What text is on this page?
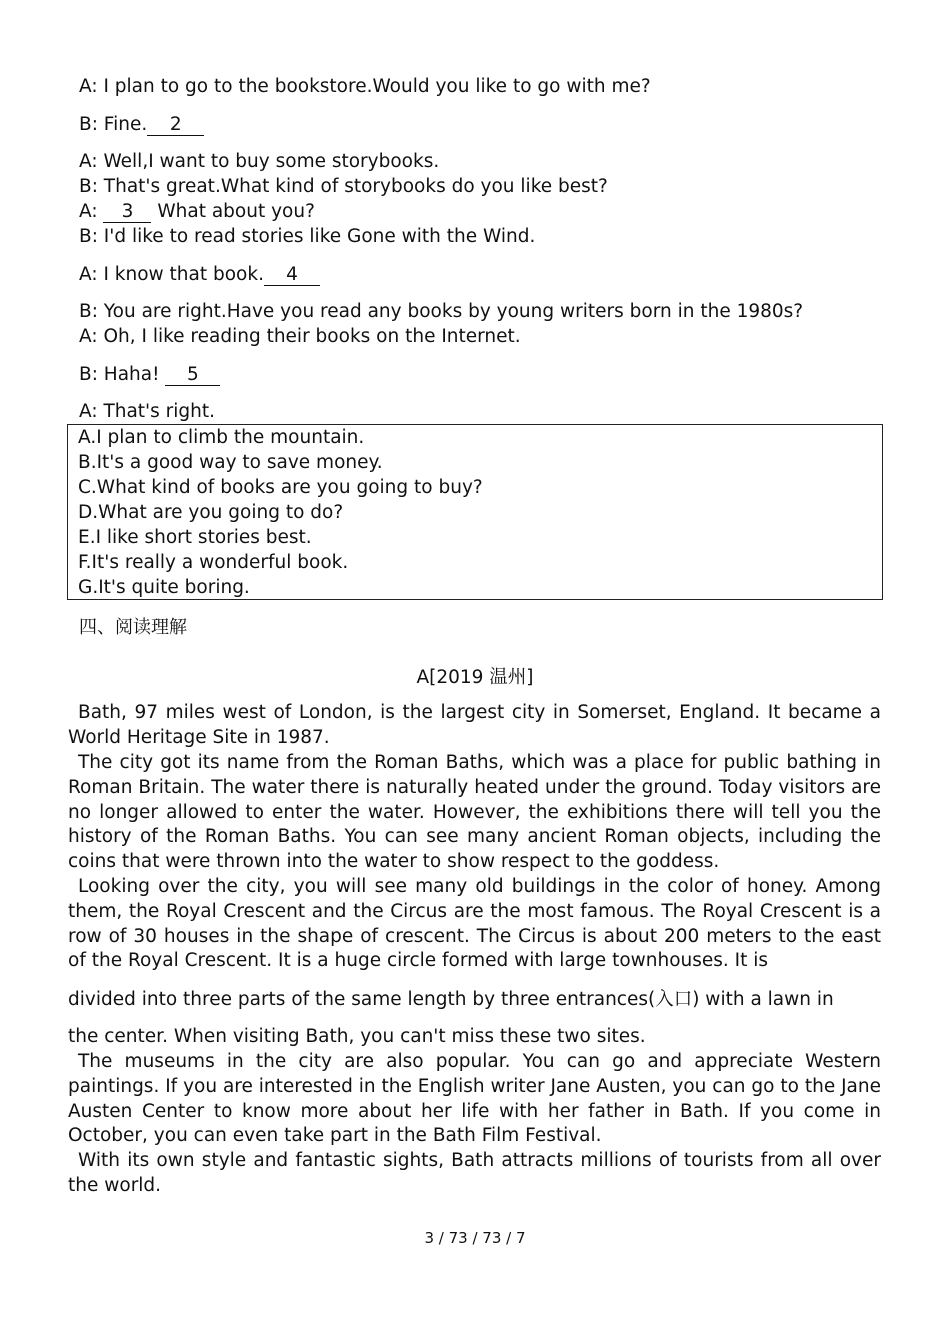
A: I plan to go to the bookstore.Would you like to go with me?
B: Fine. 2
A: Well,I want to buy some storybooks.
B: That's great.What kind of storybooks do you like best?
A: 3 What about you?
B: I'd like to read stories like Gone with the Wind.
A: I know that book. 4
B: You are right.Have you read any books by young writers born in the 1980s?
A: Oh, I like reading their books on the Internet.
B: Haha! 5
A: That's right.
A.I plan to climb the mountain.
B.It's a good way to save money.
C.What kind of books are you going to buy?
D.What are you going to do?
E.I like short stories best.
F.It's really a wonderful book.
G.It's quite boring.
四、阅读理解
A[2019 温州]

Bath, 97 miles west of London, is the largest city in Somerset, England. It became a World Heritage Site in 1987.

The city got its name from the Roman Baths, which was a place for public bathing in Roman Britain. The water there is naturally heated under the ground. Today visitors are no longer allowed to enter the water. However, the exhibitions there will tell you the history of the Roman Baths. You can see many ancient Roman objects, including the coins that were thrown into the water to show respect to the goddess.

Looking over the city, you will see many old buildings in the color of honey. Among them, the Royal Crescent and the Circus are the most famous. The Royal Crescent is a row of 30 houses in the shape of crescent. The Circus is about 200 meters to the east of the Royal Crescent. It is a huge circle formed with large townhouses. It is

divided into three parts of the same length by three entrances(入口) with a lawn in

the center. When visiting Bath, you can't miss these two sites.

The museums in the city are also popular. You can go and appreciate Western paintings. If you are interested in the English writer Jane Austen, you can go to the Jane Austen Center to know more about her life with her father in Bath. If you come in October, you can even take part in the Bath Film Festival.

With its own style and fantastic sights, Bath attracts millions of tourists from all over the world.

3 / 73 / 73 / 7
